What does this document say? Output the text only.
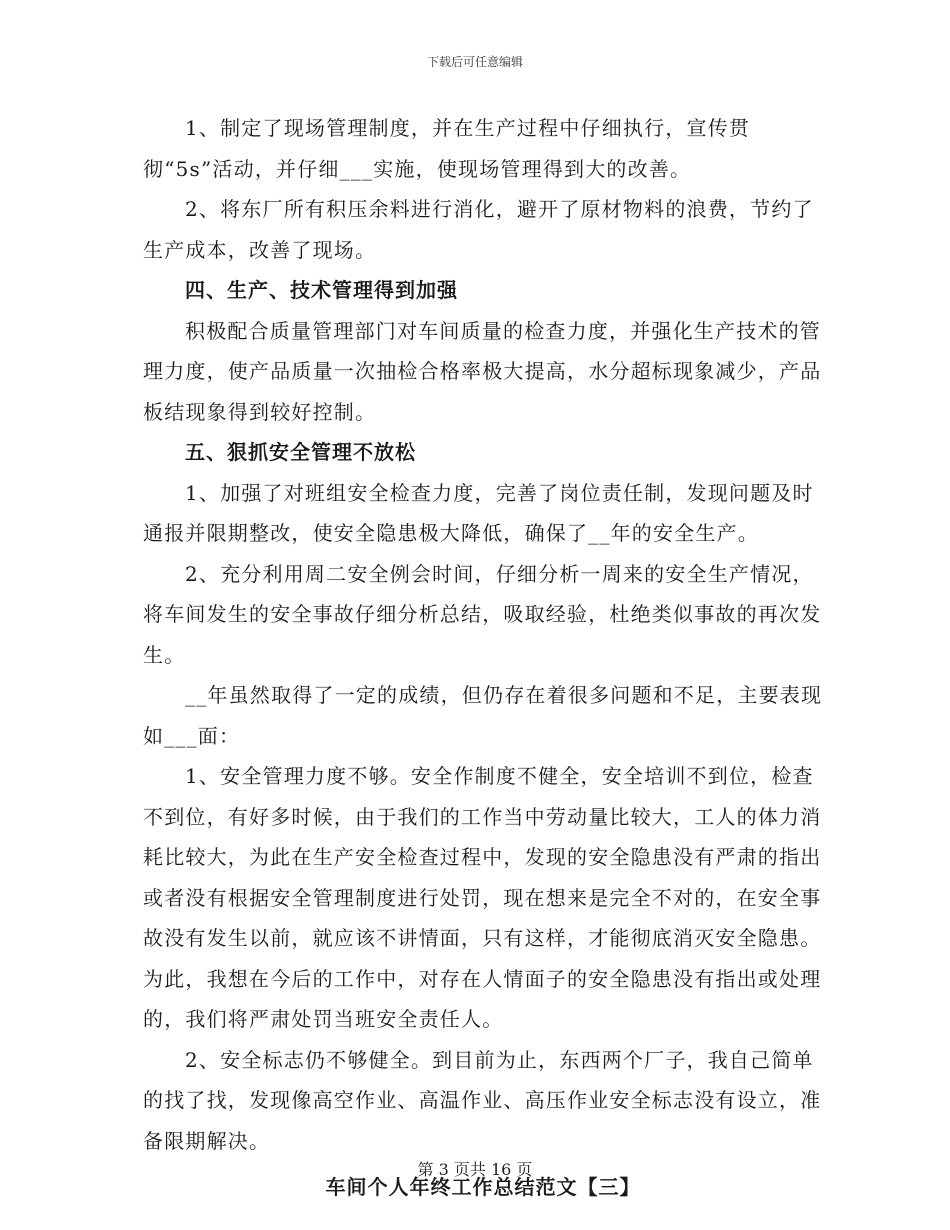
下载后可任意编辑

1、制定了现场管理制度，并在生产过程中仔细执行，宣传贯彻“5s”活动，并仔细___实施，使现场管理得到大的改善。

2、将东厂所有积压余料进行消化，避开了原材物料的浪费，节约了生产成本，改善了现场。

四、生产、技术管理得到加强

积极配合质量管理部门对车间质量的检查力度，并强化生产技术的管理力度，使产品质量一次抽检合格率极大提高，水分超标现象减少，产品板结现象得到较好控制。

五、狠抓安全管理不放松

1、加强了对班组安全检查力度，完善了岗位责任制，发现问题及时通报并限期整改，使安全隐患极大降低，确保了__年的安全生产。

2、充分利用周二安全例会时间，仔细分析一周来的安全生产情况，将车间发生的安全事故仔细分析总结，吸取经验，杜绝类似事故的再次发生。

__年虽然取得了一定的成绩，但仍存在着很多问题和不足，主要表现如___面：

1、安全管理力度不够。安全作制度不健全，安全培训不到位，检查不到位，有好多时候，由于我们的工作当中劳动量比较大，工人的体力消耗比较大，为此在生产安全检查过程中，发现的安全隐患没有严肃的指出或者没有根据安全管理制度进行处罚，现在想来是完全不对的，在安全事故没有发生以前，就应该不讲情面，只有这样，才能彻底消灭安全隐患。为此，我想在今后的工作中，对存在人情面子的安全隐患没有指出或处理的，我们将严肃处罚当班安全责任人。

2、安全标志仍不够健全。到目前为止，东西两个厂子，我自己简单的找了找，发现像高空作业、高温作业、高压作业安全标志没有设立，准备限期解决。

车间个人年终工作总结范文【三】

第 3 页共 16 页
